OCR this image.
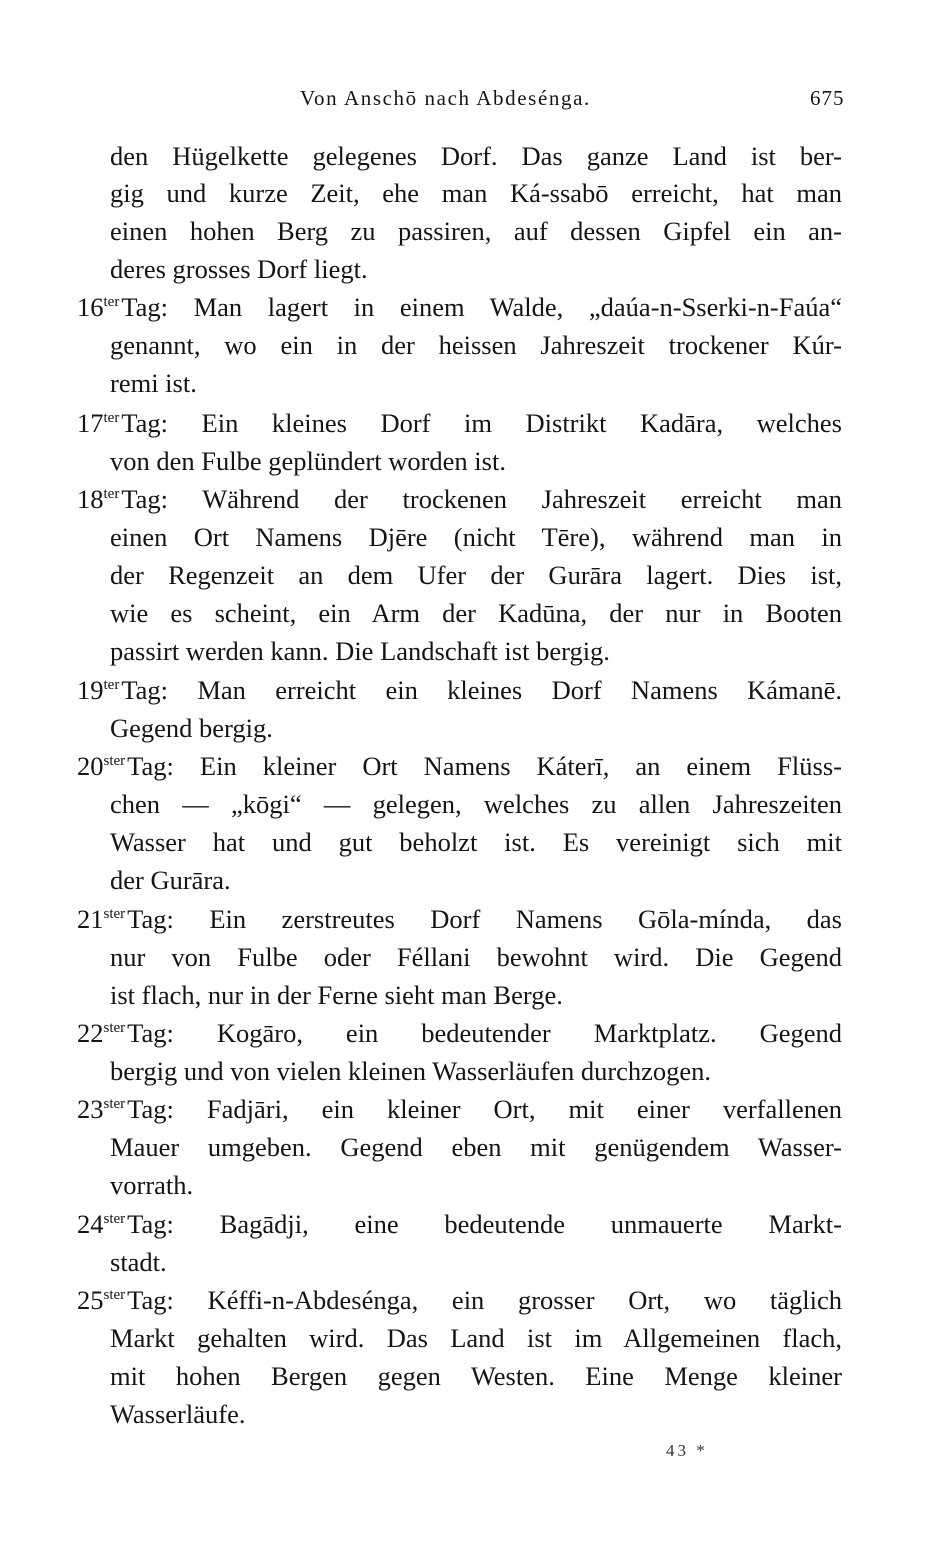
Von Anschō nach Abdesénga.	675
den Hügelkette gelegenes Dorf. Das ganze Land ist ber-
gig und kurze Zeit, ehe man Ká-ssabō erreicht, hat man
einen hohen Berg zu passiren, auf dessen Gipfel ein an-
deres grosses Dorf liegt.
$16^{ter}Tag$: Man lagert in einem Walde, „daúa-n-Sserki-n-Faúa“
genannt, wo ein in der heissen Jahreszeit trockener Kúr-
remi ist.
$17^{ter}Tag$: Ein kleines Dorf im Distrikt Kadāra, welches
von den Fulbe geplündert worden ist.
$18^{ter}Tag$: Während der trockenen Jahreszeit erreicht man
einen Ort Namens Djēre (nicht Tēre), während man in
der Regenzeit an dem Ufer der Gurāra lagert. Dies ist,
wie es scheint, ein Arm der Kadūna, der nur in Booten
passirt werden kann. Die Landschaft ist bergig.
$19^{ter}Tag$: Man erreicht ein kleines Dorf Namens Kámanē.
Gegend bergig.
$20^{ster}Tag$: Ein kleiner Ort Namens Káterī, an einem Flüss-
chen — „kōgi“ — gelegen, welches zu allen Jahreszeiten
Wasser hat und gut beholzt ist. Es vereinigt sich mit
der Gurāra.
$21^{ster}Tag$: Ein zerstreutes Dorf Namens Gōla-mínda, das
nur von Fulbe oder Féllani bewohnt wird. Die Gegend
ist flach, nur in der Ferne sieht man Berge.
$22^{ster}Tag$: Kogāro, ein bedeutender Marktplatz. Gegend
bergig und von vielen kleinen Wasserläufen durchzogen.
$23^{ster}Tag$: Fadjāri, ein kleiner Ort, mit einer verfallenen
Mauer umgeben. Gegend eben mit genügendem Wasser-
vorrath.
$24^{ster}Tag$: Bagādji, eine bedeutende unmauerte Markt-
stadt.
$25^{ster}Tag$: Kéffi-n-Abdesénga, ein grosser Ort, wo täglich
Markt gehalten wird. Das Land ist im Allgemeinen flach,
mit hohen Bergen gegen Westen. Eine Menge kleiner
Wasserläufe.
43 *
